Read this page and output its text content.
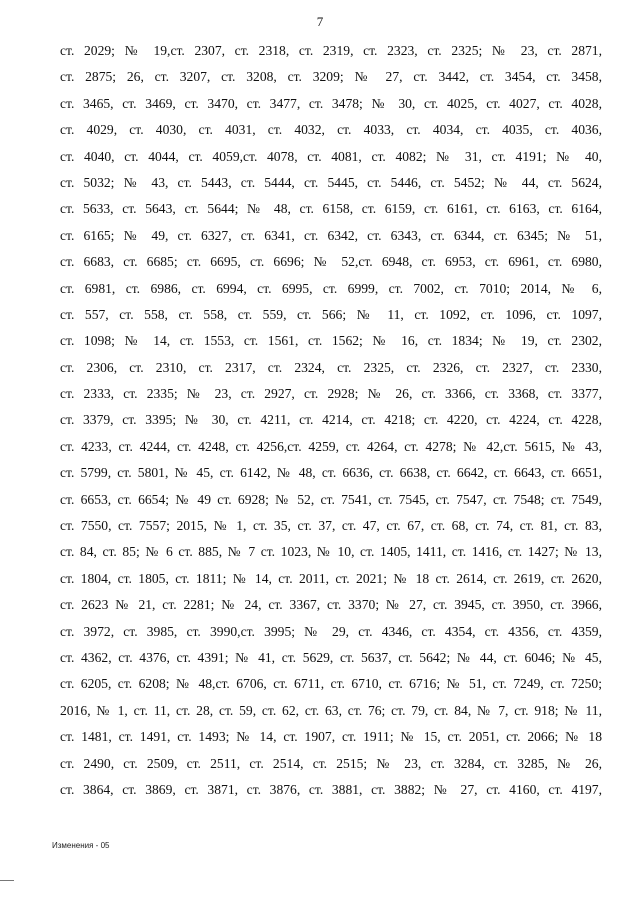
7
ст. 2029; № 19,ст. 2307, ст. 2318, ст. 2319, ст. 2323, ст. 2325; № 23, ст. 2871,
ст. 2875; 26, ст. 3207, ст. 3208, ст. 3209; № 27, ст. 3442, ст. 3454, ст. 3458,
ст. 3465, ст. 3469, ст. 3470, ст. 3477, ст. 3478; № 30, ст. 4025, ст. 4027, ст. 4028,
ст. 4029, ст. 4030, ст. 4031, ст. 4032, ст. 4033, ст. 4034, ст. 4035, ст. 4036,
ст. 4040, ст. 4044, ст. 4059,ст. 4078, ст. 4081, ст. 4082; № 31, ст. 4191; № 40,
ст. 5032; № 43, ст. 5443, ст. 5444, ст. 5445, ст. 5446, ст. 5452; № 44, ст. 5624,
ст. 5633, ст. 5643, ст. 5644; № 48, ст. 6158, ст. 6159, ст. 6161, ст. 6163, ст. 6164,
ст. 6165; № 49, ст. 6327, ст. 6341, ст. 6342, ст. 6343, ст. 6344, ст. 6345; № 51,
ст. 6683, ст. 6685; ст. 6695, ст. 6696; № 52,ст. 6948, ст. 6953, ст. 6961, ст. 6980,
ст. 6981, ст. 6986, ст. 6994, ст. 6995, ст. 6999, ст. 7002, ст. 7010; 2014, № 6,
ст. 557, ст. 558, ст. 558, ст. 559, ст. 566; № 11, ст. 1092, ст. 1096, ст. 1097,
ст. 1098; № 14, ст. 1553, ст. 1561, ст. 1562; № 16, ст. 1834; № 19, ст. 2302,
ст. 2306, ст. 2310, ст. 2317, ст. 2324, ст. 2325, ст. 2326, ст. 2327, ст. 2330,
ст. 2333, ст. 2335; № 23, ст. 2927, ст. 2928; № 26, ст. 3366, ст. 3368, ст. 3377,
ст. 3379, ст. 3395; № 30, ст. 4211, ст. 4214, ст. 4218; ст. 4220, ст. 4224, ст. 4228,
ст. 4233, ст. 4244, ст. 4248, ст. 4256,ст. 4259, ст. 4264, ст. 4278; № 42,ст. 5615, № 43,
ст. 5799, ст. 5801, № 45, ст. 6142, № 48, ст. 6636, ст. 6638, ст. 6642, ст. 6643, ст. 6651,
ст. 6653, ст. 6654; № 49 ст. 6928; № 52, ст. 7541, ст. 7545, ст. 7547, ст. 7548; ст. 7549,
ст. 7550, ст. 7557; 2015, № 1, ст. 35, ст. 37, ст. 47, ст. 67, ст. 68, ст. 74, ст. 81, ст. 83,
ст. 84, ст. 85; № 6 ст. 885, № 7 ст. 1023, № 10, ст. 1405, 1411, ст. 1416, ст. 1427; № 13,
ст. 1804, ст. 1805, ст. 1811; № 14, ст. 2011, ст. 2021; № 18 ст. 2614, ст. 2619, ст. 2620,
ст. 2623 № 21, ст. 2281; № 24, ст. 3367, ст. 3370; № 27, ст. 3945, ст. 3950, ст. 3966,
ст. 3972, ст. 3985, ст. 3990,ст. 3995; № 29, ст. 4346, ст. 4354, ст. 4356, ст. 4359,
ст. 4362, ст. 4376, ст. 4391; № 41, ст. 5629, ст. 5637, ст. 5642; № 44, ст. 6046; № 45,
ст. 6205, ст. 6208; № 48,ст. 6706, ст. 6711, ст. 6710, ст. 6716; № 51, ст. 7249, ст. 7250;
2016, № 1, ст. 11, ст. 28, ст. 59, ст. 62, ст. 63, ст. 76; ст. 79, ст. 84, № 7, ст. 918; № 11,
ст. 1481, ст. 1491, ст. 1493; № 14, ст. 1907, ст. 1911; № 15, ст. 2051, ст. 2066; № 18
ст. 2490, ст. 2509, ст. 2511, ст. 2514, ст. 2515; № 23, ст. 3284, ст. 3285, № 26,
ст. 3864, ст. 3869, ст. 3871, ст. 3876, ст. 3881, ст. 3882; № 27, ст. 4160, ст. 4197,
Изменения - 05
